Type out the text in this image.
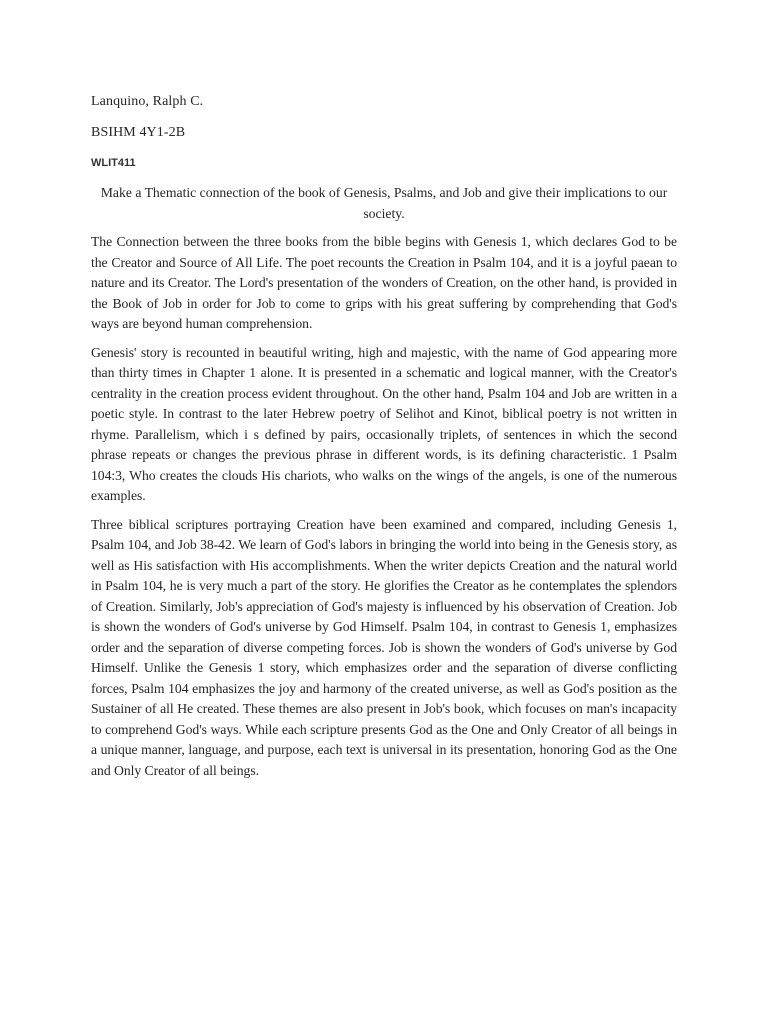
Lanquino, Ralph C.

BSIHM 4Y1-2B

WLIT411

Make a Thematic connection of the book of Genesis, Psalms, and Job and give their implications to our society.

The Connection between the three books from the bible begins with Genesis 1, which declares God to be the Creator and Source of All Life. The poet recounts the Creation in Psalm 104, and it is a joyful paean to nature and its Creator. The Lord's presentation of the wonders of Creation, on the other hand, is provided in the Book of Job in order for Job to come to grips with his great suffering by comprehending that God's ways are beyond human comprehension.

Genesis' story is recounted in beautiful writing, high and majestic, with the name of God appearing more than thirty times in Chapter 1 alone. It is presented in a schematic and logical manner, with the Creator's centrality in the creation process evident throughout. On the other hand, Psalm 104 and Job are written in a poetic style. In contrast to the later Hebrew poetry of Selihot and Kinot, biblical poetry is not written in rhyme. Parallelism, which i s defined by pairs, occasionally triplets, of sentences in which the second phrase repeats or changes the previous phrase in different words, is its defining characteristic. 1 Psalm 104:3, Who creates the clouds His chariots, who walks on the wings of the angels, is one of the numerous examples.

Three biblical scriptures portraying Creation have been examined and compared, including Genesis 1, Psalm 104, and Job 38-42. We learn of God's labors in bringing the world into being in the Genesis story, as well as His satisfaction with His accomplishments. When the writer depicts Creation and the natural world in Psalm 104, he is very much a part of the story. He glorifies the Creator as he contemplates the splendors of Creation. Similarly, Job's appreciation of God's majesty is influenced by his observation of Creation. Job is shown the wonders of God's universe by God Himself. Psalm 104, in contrast to Genesis 1, emphasizes order and the separation of diverse competing forces. Job is shown the wonders of God's universe by God Himself. Unlike the Genesis 1 story, which emphasizes order and the separation of diverse conflicting forces, Psalm 104 emphasizes the joy and harmony of the created universe, as well as God's position as the Sustainer of all He created. These themes are also present in Job's book, which focuses on man's incapacity to comprehend God's ways. While each scripture presents God as the One and Only Creator of all beings in a unique manner, language, and purpose, each text is universal in its presentation, honoring God as the One and Only Creator of all beings.
